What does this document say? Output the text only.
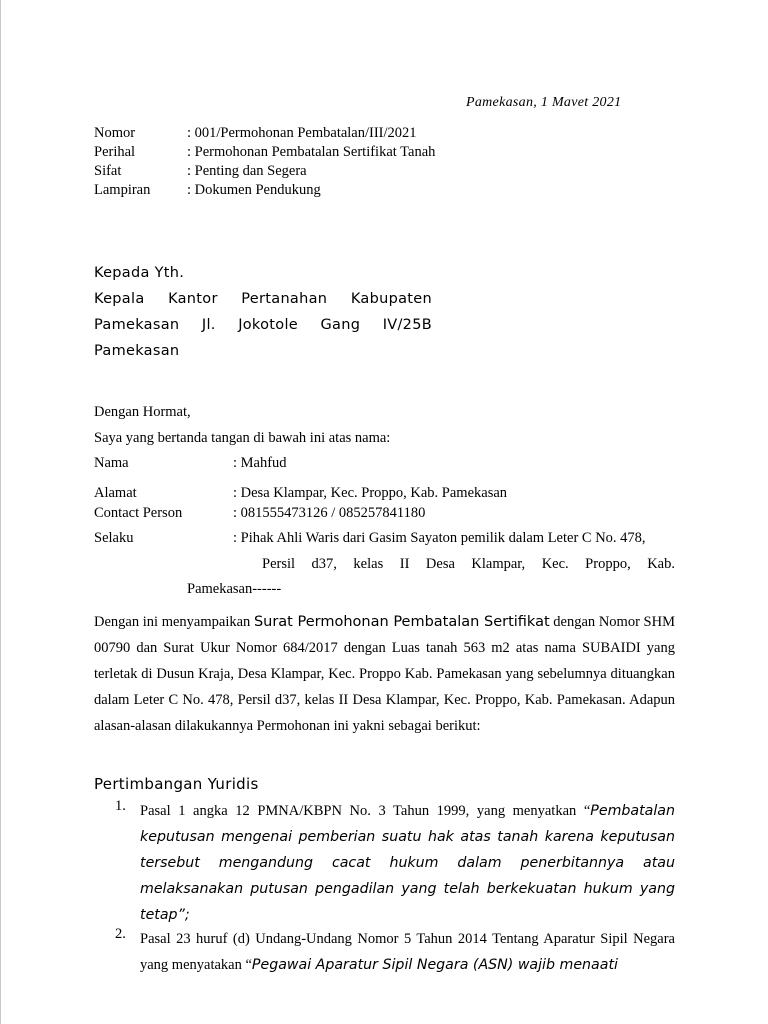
Pamekasan, 1 Mavet 2021
Nomor	: 001/Permohonan Pembatalan/III/2021
Perihal	: Permohonan Pembatalan Sertifikat Tanah
Sifat	: Penting dan Segera
Lampiran	: Dokumen Pendukung
Kepada Yth.
Kepala Kantor Pertanahan Kabupaten
Pamekasan Jl. Jokotole Gang IV/25B
Pamekasan
Dengan Hormat,
Saya yang bertanda tangan di bawah ini atas nama:
Nama	: Mahfud
Alamat	: Desa Klampar, Kec. Proppo, Kab. Pamekasan
Contact Person	: 081555473126 / 085257841180
Selaku	: Pihak Ahli Waris dari Gasim Sayaton pemilik dalam Leter C No. 478,
Persil d37, kelas II Desa Klampar, Kec. Proppo, Kab.
Pamekasan------

Dengan ini menyampaikan Surat Permohonan Pembatalan Sertifikat dengan Nomor SHM 00790 dan Surat Ukur Nomor 684/2017 dengan Luas tanah 563 m2 atas nama SUBAIDI yang terletak di Dusun Kraja, Desa Klampar, Kec. Proppo Kab. Pamekasan yang sebelumnya dituangkan dalam Leter C No. 478, Persil d37, kelas II Desa Klampar, Kec. Proppo, Kab. Pamekasan. Adapun alasan-alasan dilakukannya Permohonan ini yakni sebagai berikut:

Pertimbangan Yuridis
1. Pasal 1 angka 12 PMNA/KBPN No. 3 Tahun 1999, yang menyatkan “Pembatalan keputusan mengenai pemberian suatu hak atas tanah karena keputusan tersebut mengandung cacat hukum dalam penerbitannya atau melaksanakan putusan pengadilan yang telah berkekuatan hukum yang tetap”;
2. Pasal 23 huruf (d) Undang-Undang Nomor 5 Tahun 2014 Tentang Aparatur Sipil Negara yang menyatakan “Pegawai Aparatur Sipil Negara (ASN) wajib menaati
